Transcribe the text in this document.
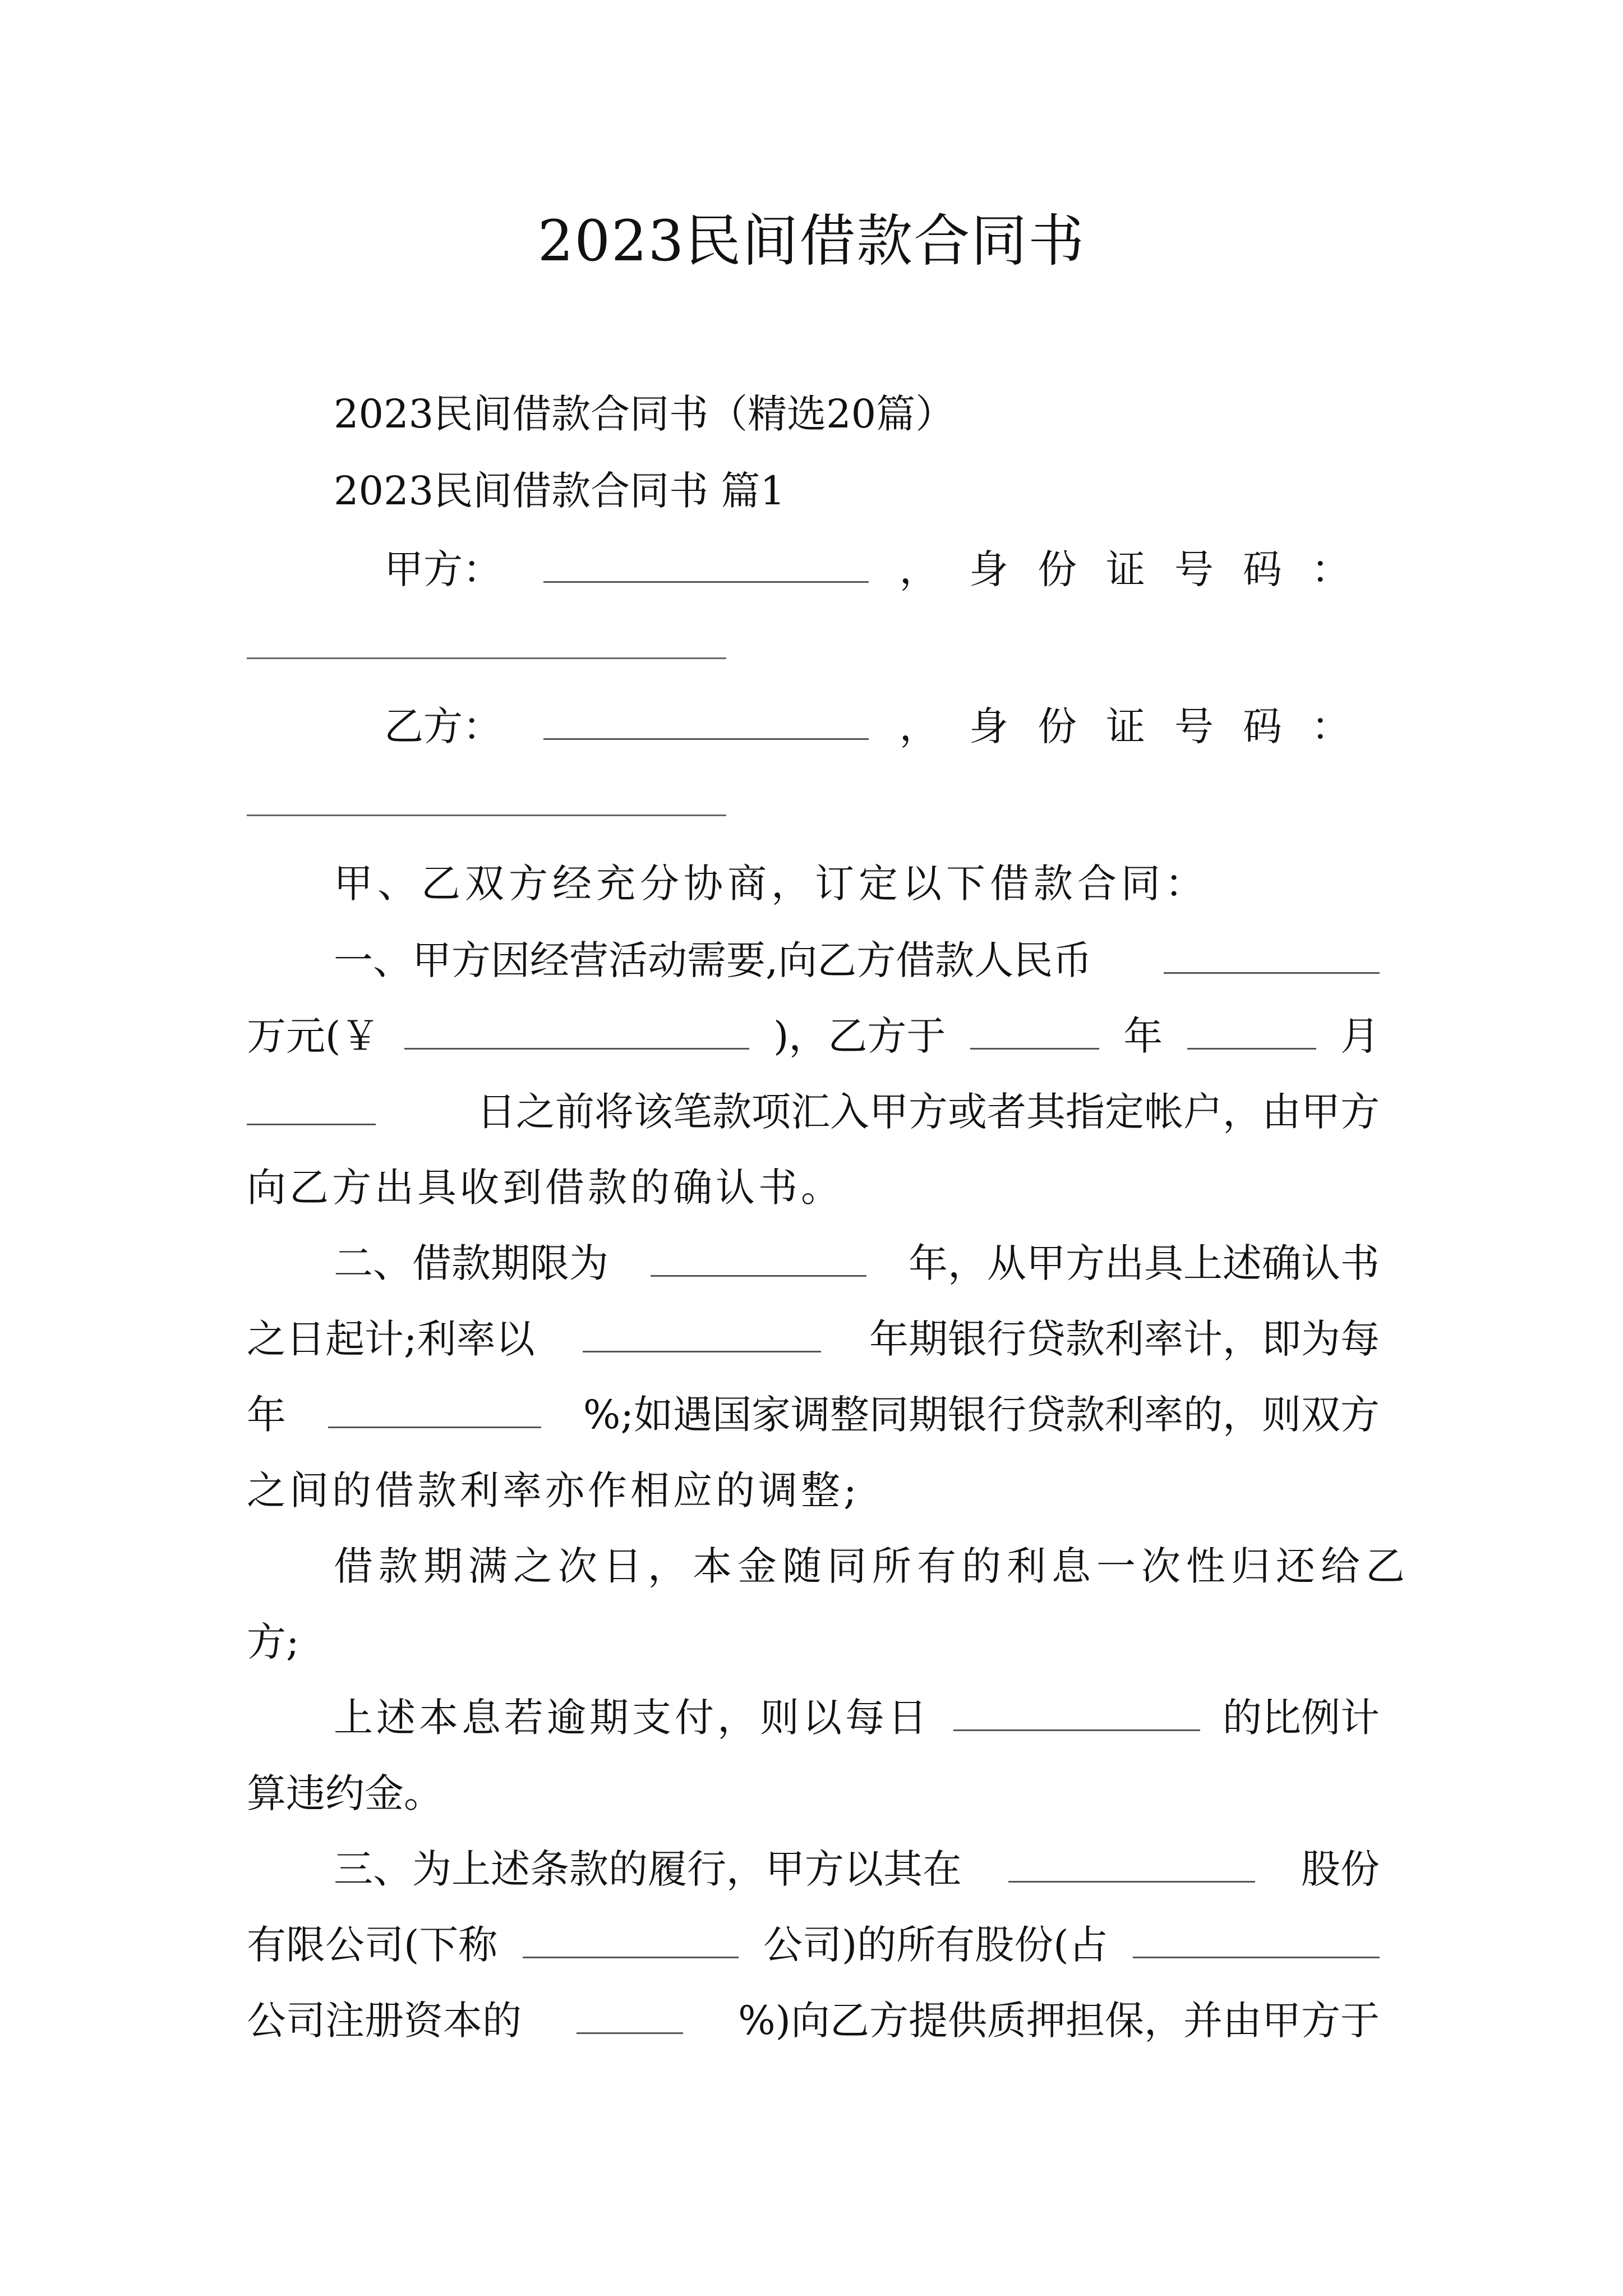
2023民间借款合同书
2023民间借款合同书（精选20篇）
2023民间借款合同书 篇1
甲方：	， 身份证号码：
乙方：	， 身份证号码：
甲、乙双方经充分协商，订定以下借款合同：
一、甲方因经营活动需要,向乙方借款人民币
万元(￥	)，乙方于	年	月
日之前将该笔款项汇入甲方或者其指定帐户，由甲方
向乙方出具收到借款的确认书。
二、借款期限为	年，从甲方出具上述确认书
之日起计;利率以	年期银行贷款利率计，即为每
年	%;如遇国家调整同期银行贷款利率的，则双方
之间的借款利率亦作相应的调整;
借款期满之次日，本金随同所有的利息一次性归还给乙
方;
上述本息若逾期支付，则以每日	的比例计
算违约金。
三、为上述条款的履行，甲方以其在	股份
有限公司(下称	公司)的所有股份(占
公司注册资本的	%)向乙方提供质押担保，并由甲方于
